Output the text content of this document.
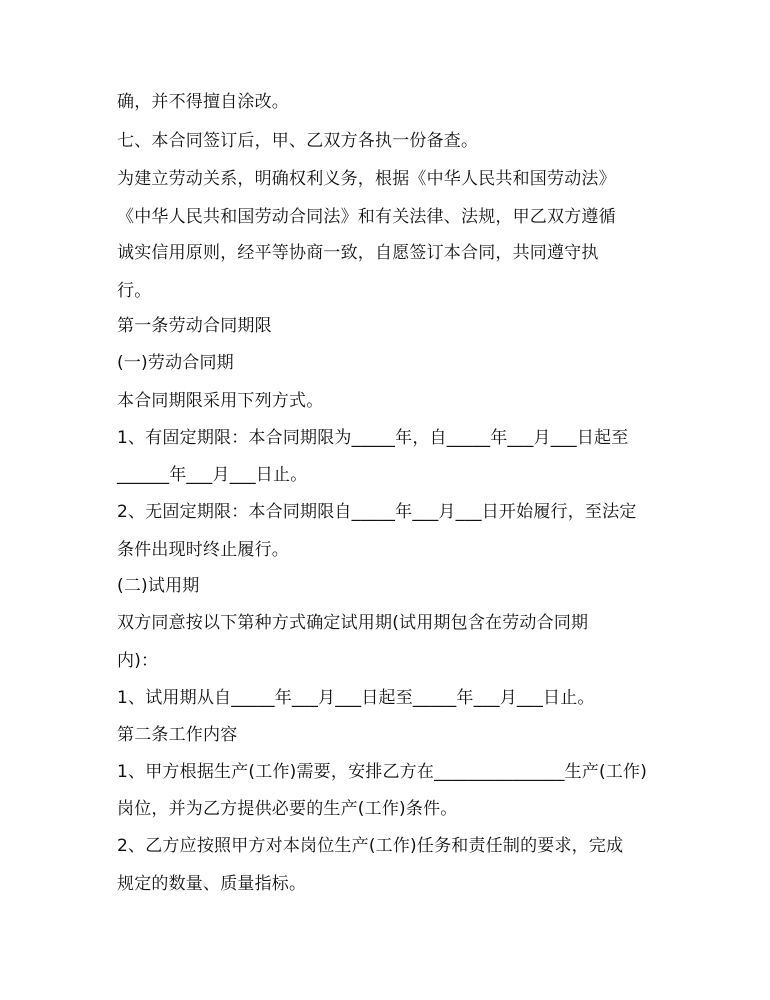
确，并不得擅自涂改。
七、本合同签订后，甲、乙双方各执一份备查。
为建立劳动关系，明确权利义务，根据《中华人民共和国劳动法》
《中华人民共和国劳动合同法》和有关法律、法规，甲乙双方遵循
诚实信用原则，经平等协商一致，自愿签订本合同，共同遵守执
行。
第一条劳动合同期限
(一)劳动合同期
本合同期限采用下列方式。
1、有固定期限：本合同期限为_____年，自_____年___月___日起至
______年___月___日止。
2、无固定期限：本合同期限自_____年___月___日开始履行，至法定
条件出现时终止履行。
(二)试用期
双方同意按以下第种方式确定试用期(试用期包含在劳动合同期
内)：
1、试用期从自_____年___月___日起至_____年___月___日止。
第二条工作内容
1、甲方根据生产(工作)需要，安排乙方在_______________生产(工作)
岗位，并为乙方提供必要的生产(工作)条件。
2、乙方应按照甲方对本岗位生产(工作)任务和责任制的要求，完成
规定的数量、质量指标。
